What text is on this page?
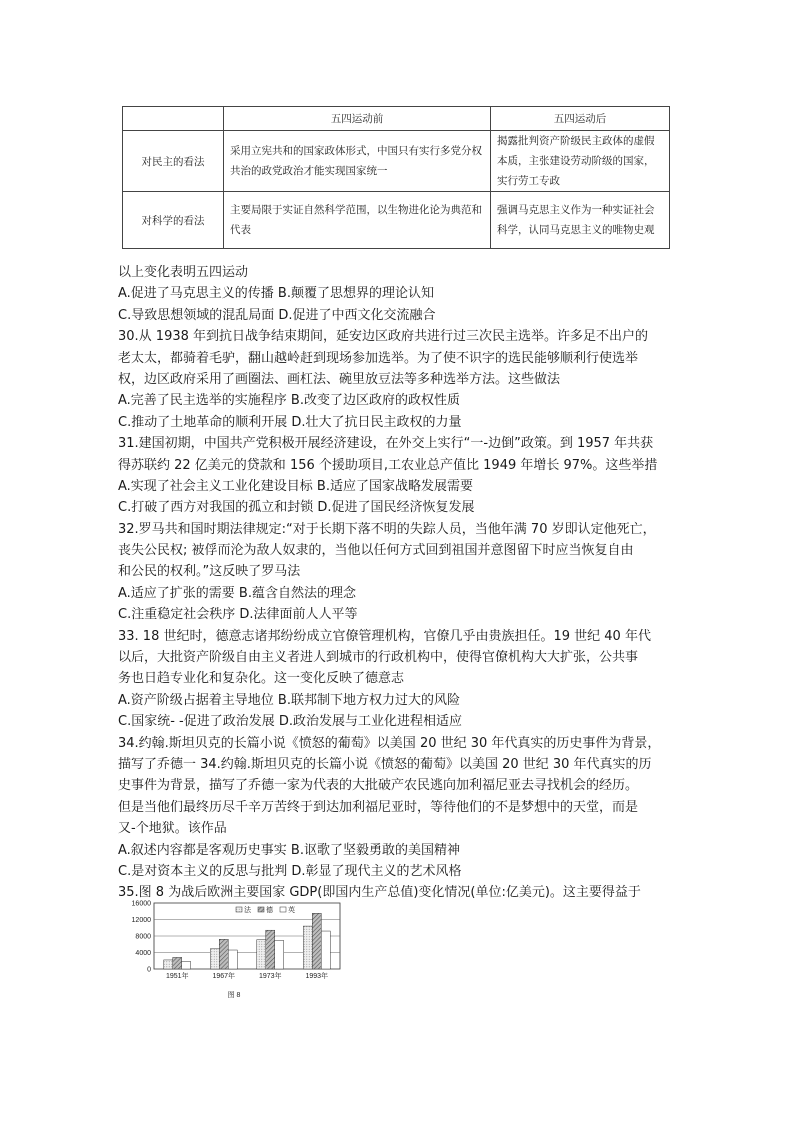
	五四运动前	五四运动后
对民主的看法	采用立宪共和的国家政体形式，中国只有实行多党分权共治的政党政治才能实现国家统一	揭露批判资产阶级民主政体的虚假本质，主张建设劳动阶级的国家，实行劳工专政
对科学的看法	主要局限于实证自然科学范围，以生物进化论为典范和代表	强调马克思主义作为一种实证社会科学，认同马克思主义的唯物史观
以上变化表明五四运动
A.促进了马克思主义的传播 B.颠覆了思想界的理论认知
C.导致思想领域的混乱局面 D.促进了中西文化交流融合
30.从 1938 年到抗日战争结束期间，延安边区政府共进行过三次民主选举。许多足不出户的
老太太，都骑着毛驴，翻山越岭赶到现场参加选举。为了使不识字的选民能够顺利行使选举
权，边区政府采用了画圈法、画杠法、碗里放豆法等多种选举方法。这些做法
A.完善了民主选举的实施程序 B.改变了边区政府的政权性质
C.推动了土地革命的顺利开展 D.壮大了抗日民主政权的力量
31.建国初期，中国共产党积极开展经济建设，在外交上实行“一-边倒”政策。到 1957 年共获
得苏联约 22 亿美元的贷款和 156 个援助项目,工农业总产值比 1949 年增长 97%。这些举措
A.实现了社会主义工业化建设目标 B.适应了国家战略发展需要
C.打破了西方对我国的孤立和封锁 D.促进了国民经济恢复发展
32.罗马共和国时期法律规定:“对于长期下落不明的失踪人员，当他年满 70 岁即认定他死亡，
丧失公民权; 被俘而沦为敌人奴隶的，当他以任何方式回到祖国并意图留下时应当恢复自由
和公民的权利。”这反映了罗马法
A.适应了扩张的需要 B.蕴含自然法的理念
C.注重稳定社会秩序 D.法律面前人人平等
33. 18 世纪时，德意志诸邦纷纷成立官僚管理机构，官僚几乎由贵族担任。19 世纪 40 年代
以后，大批资产阶级自由主义者进人到城市的行政机构中，使得官僚机构大大扩张，公共事
务也日趋专业化和复杂化。这一变化反映了德意志
A.资产阶级占据着主导地位 B.联邦制下地方权力过大的风险
C.国家统- -促进了政治发展 D.政治发展与工业化进程相适应
34.约翰.斯坦贝克的长篇小说《愤怒的葡萄》以美国 20 世纪 30 年代真实的历史事件为背景，
描写了乔德一 34.约翰.斯坦贝克的长篇小说《愤怒的葡萄》以美国 20 世纪 30 年代真实的历
史事件为背景，描写了乔德一家为代表的大批破产农民逃向加利福尼亚去寻找机会的经历。
但是当他们最终历尽千辛万苦终于到达加利福尼亚时，等待他们的不是梦想中的天堂，而是
又-个地狱。该作品
A.叙述内容都是客观历史事实 B.讴歌了坚毅勇敢的美国精神
C.是对资本主义的反思与批判 D.彰显了现代主义的艺术风格
35.图 8 为战后欧洲主要国家 GDP(即国内生产总值)变化情况(单位:亿美元)。这主要得益于
0
4000
8000
12000
16000
法 德 英
1951年	1967年	1973年	1993年
图 8
